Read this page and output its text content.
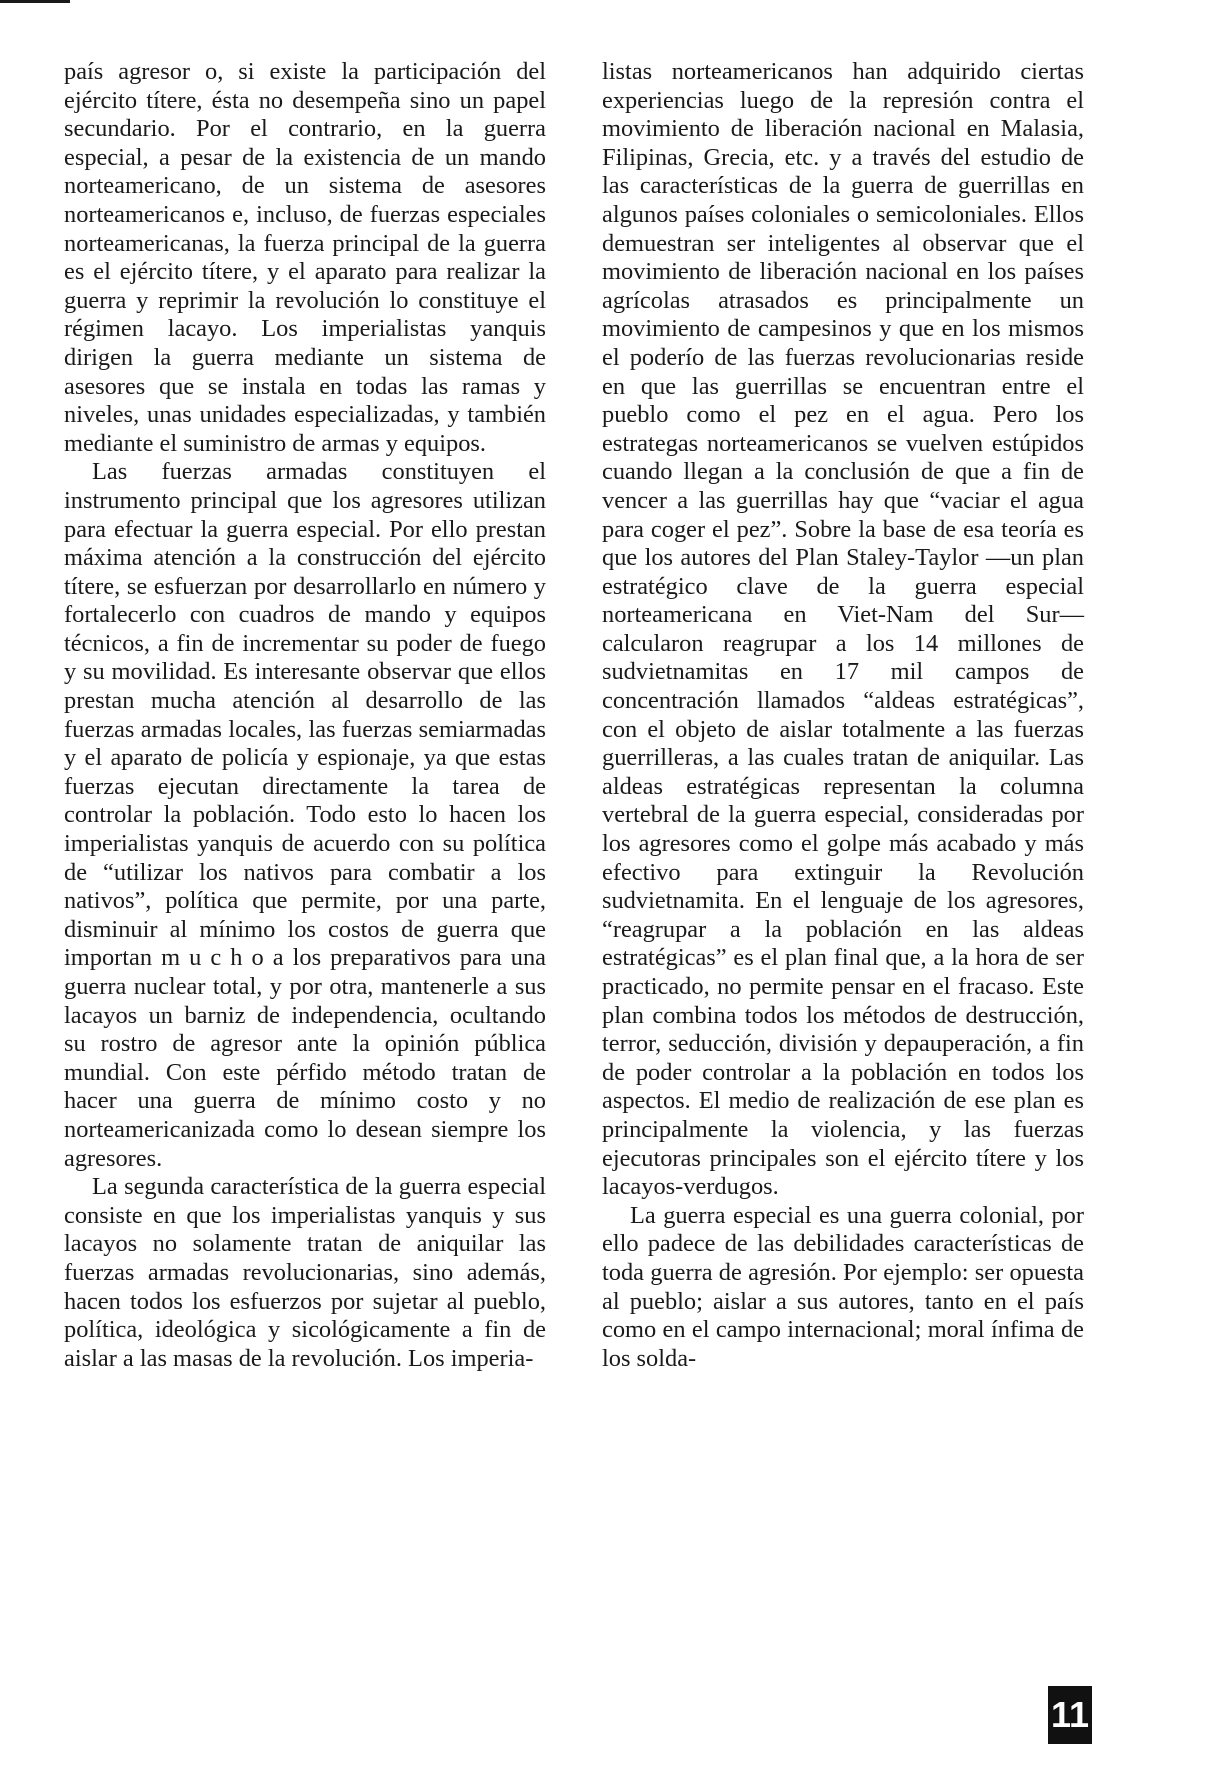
país agresor o, si existe la participación del ejército títere, ésta no desempeña sino un papel secundario. Por el contrario, en la guerra especial, a pesar de la existencia de un mando norteamericano, de un sistema de asesores norteamericanos e, incluso, de fuerzas especiales norteamericanas, la fuerza principal de la guerra es el ejército títere, y el aparato para realizar la guerra y reprimir la revolución lo constituye el régimen lacayo. Los imperialistas yanquis dirigen la guerra mediante un sistema de asesores que se instala en todas las ramas y niveles, unas unidades especializadas, y también mediante el suministro de armas y equipos.

Las fuerzas armadas constituyen el instrumento principal que los agresores utilizan para efectuar la guerra especial. Por ello prestan máxima atención a la construcción del ejército títere, se esfuerzan por desarrollarlo en número y fortalecerlo con cuadros de mando y equipos técnicos, a fin de incrementar su poder de fuego y su movilidad. Es interesante observar que ellos prestan mucha atención al desarrollo de las fuerzas armadas locales, las fuerzas semiarmadas y el aparato de policía y espionaje, ya que estas fuerzas ejecutan directamente la tarea de controlar la población. Todo esto lo hacen los imperialistas yanquis de acuerdo con su política de “utilizar los nativos para combatir a los nativos”, política que permite, por una parte, disminuir al mínimo los costos de guerra que importan m u c h o a los preparativos para una guerra nuclear total, y por otra, mantenerle a sus lacayos un barniz de independencia, ocultando su rostro de agresor ante la opinión pública mundial. Con este pérfido método tratan de hacer una guerra de mínimo costo y no norteamericanizada como lo desean siempre los agresores.

La segunda característica de la guerra especial consiste en que los imperialistas yanquis y sus lacayos no solamente tratan de aniquilar las fuerzas armadas revolucionarias, sino además, hacen todos los esfuerzos por sujetar al pueblo, política, ideológica y sicológicamente a fin de aislar a las masas de la revolución. Los imperia-

listas norteamericanos han adquirido ciertas experiencias luego de la represión contra el movimiento de liberación nacional en Malasia, Filipinas, Grecia, etc. y a través del estudio de las características de la guerra de guerrillas en algunos países coloniales o semicoloniales. Ellos demuestran ser inteligentes al observar que el movimiento de liberación nacional en los países agrícolas atrasados es principalmente un movimiento de campesinos y que en los mismos el poderío de las fuerzas revolucionarias reside en que las guerrillas se encuentran entre el pueblo como el pez en el agua. Pero los estrategas norteamericanos se vuelven estúpidos cuando llegan a la conclusión de que a fin de vencer a las guerrillas hay que “vaciar el agua para coger el pez”. Sobre la base de esa teoría es que los autores del Plan Staley-Taylor —un plan estratégico clave de la guerra especial norteamericana en Viet-Nam del Sur— calcularon reagrupar a los 14 millones de sudvietnamitas en 17 mil campos de concentración llamados “aldeas estratégicas”, con el objeto de aislar totalmente a las fuerzas guerrilleras, a las cuales tratan de aniquilar. Las aldeas estratégicas representan la columna vertebral de la guerra especial, consideradas por los agresores como el golpe más acabado y más efectivo para extinguir la Revolución sudvietnamita. En el lenguaje de los agresores, “reagrupar a la población en las aldeas estratégicas” es el plan final que, a la hora de ser practicado, no permite pensar en el fracaso. Este plan combina todos los métodos de destrucción, terror, seducción, división y depauperación, a fin de poder controlar a la población en todos los aspectos. El medio de realización de ese plan es principalmente la violencia, y las fuerzas ejecutoras principales son el ejército títere y los lacayos-verdugos.

La guerra especial es una guerra colonial, por ello padece de las debilidades características de toda guerra de agresión. Por ejemplo: ser opuesta al pueblo; aislar a sus autores, tanto en el país como en el campo internacional; moral ínfima de los solda-

11
